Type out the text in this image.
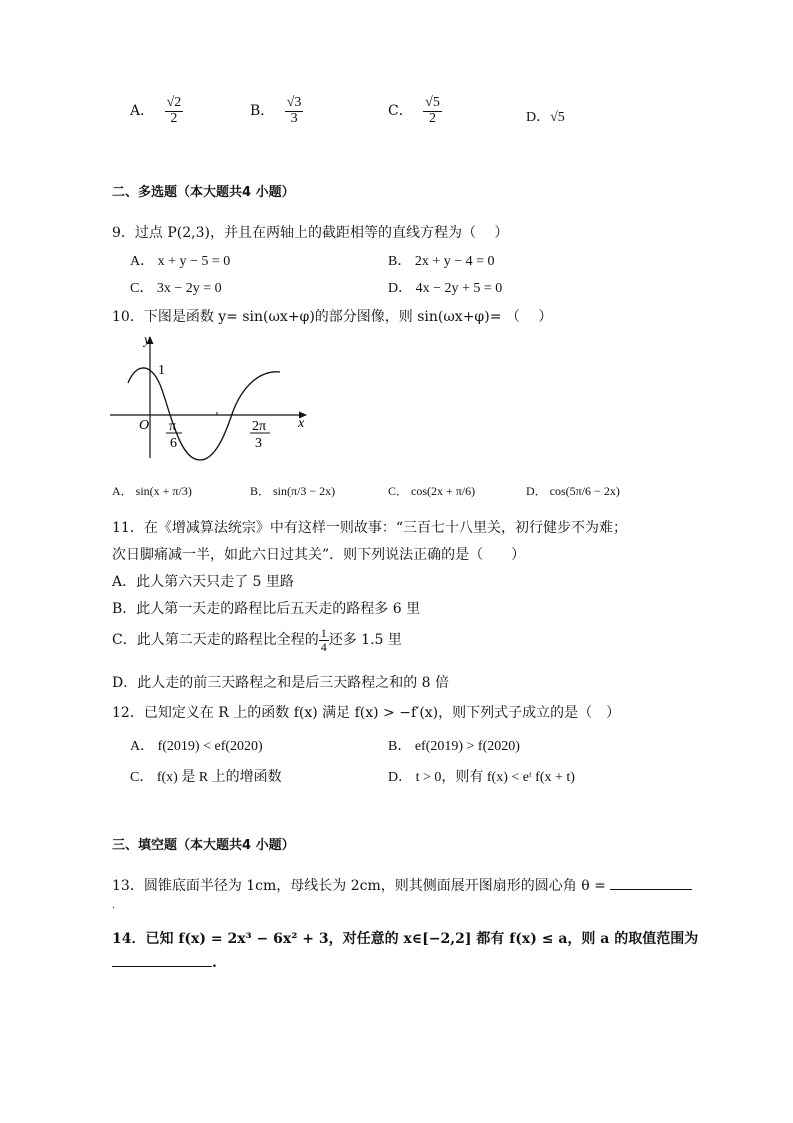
A． $\frac{√2}{2}$	B． $\frac{√3}{3}$	C． $\frac{√5}{2}$	D．√5
二、多选题（本大题共4 小题）
9．过点 P(2,3)，并且在两轴上的截距相等的直线方程为（　 ）
A． x + y − 5 = 0	B． 2x + y − 4 = 0
C． 3x − 2y = 0	D． 4x − 2y + 5 = 0
10．下图是函数 y= sin(ωx+φ)的部分图像，则 sin(ωx+φ)= （　 ）
y
x
O
1
π
6
2π
3
A． sin(x + π/3)	B． sin(π/3 − 2x)	C． cos(2x + π/6)	D． cos(5π/6 − 2x)
11．在《增减算法统宗》中有这样一则故事：“三百七十八里关，初行健步不为难；
次日脚痛减一半，如此六日过其关”．则下列说法正确的是（　　）
A．此人第六天只走了 5 里路
B．此人第一天走的路程比后五天走的路程多 6 里
C．此人第二天走的路程比全程的 $\frac{1}{4}$ 还多 1.5 里
D．此人走的前三天路程之和是后三天路程之和的 8 倍
12．已知定义在 R 上的函数 f(x) 满足 f(x) > −f′(x)，则下列式子成立的是（　）
A． f(2019) < ef(2020)	B． ef(2019) > f(2020)
C． f(x) 是 R 上的增函数	D． t > 0，则有 f(x) < eᵗ f(x + t)
三、填空题（本大题共4 小题）
13．圆锥底面半径为 1cm，母线长为 2cm，则其侧面展开图扇形的圆心角 θ =
.
14．已知 f(x) = 2x³ − 6x² + 3，对任意的 x∈[−2,2] 都有 f(x) ≤ a，则 a 的取值范围为
.
